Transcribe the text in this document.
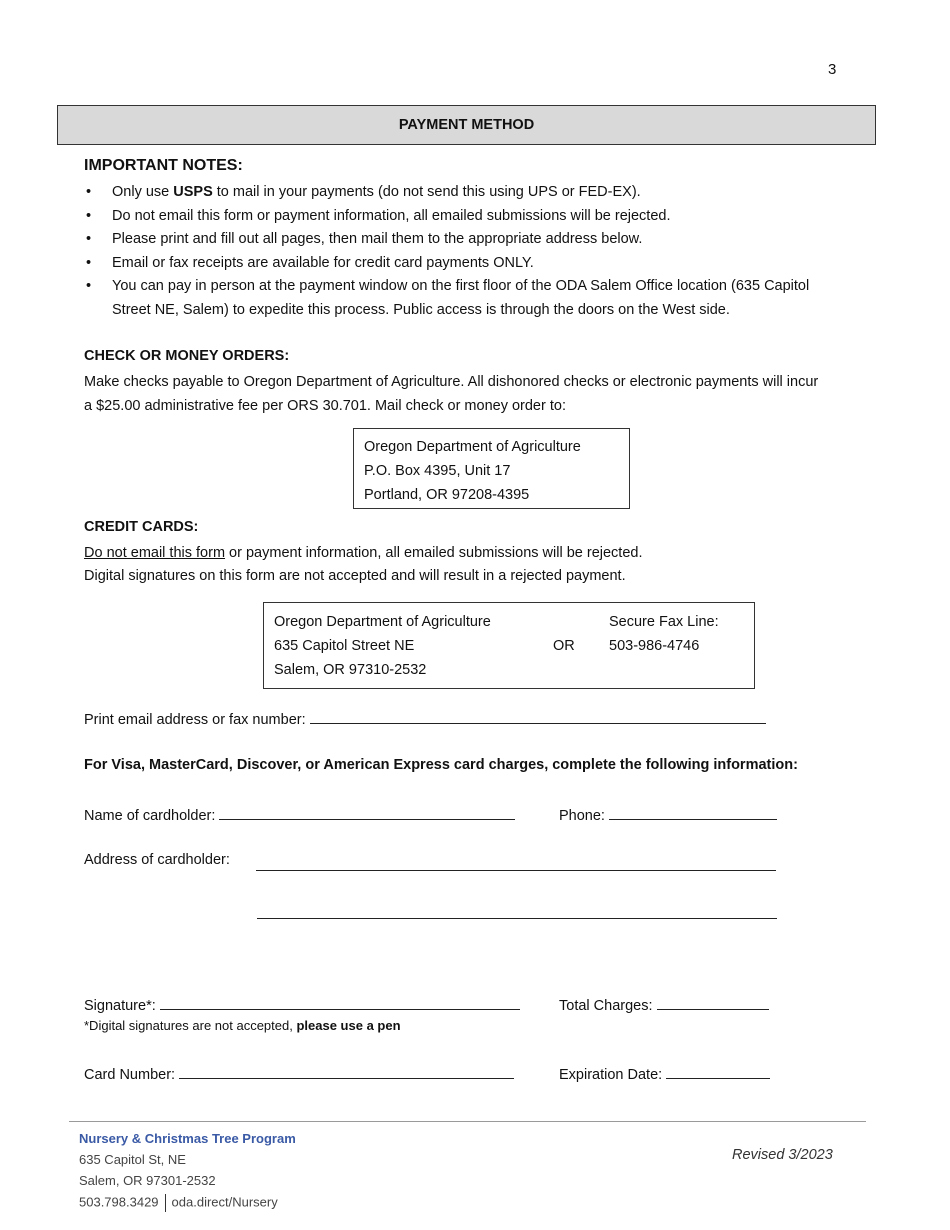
3
PAYMENT METHOD
IMPORTANT NOTES:
• Only use USPS to mail in your payments (do not send this using UPS or FED-EX).
• Do not email this form or payment information, all emailed submissions will be rejected.
• Please print and fill out all pages, then mail them to the appropriate address below.
• Email or fax receipts are available for credit card payments ONLY.
• You can pay in person at the payment window on the first floor of the ODA Salem Office location (635 Capitol Street NE, Salem) to expedite this process. Public access is through the doors on the West side.
CHECK OR MONEY ORDERS:
Make checks payable to Oregon Department of Agriculture. All dishonored checks or electronic payments will incur a $25.00 administrative fee per ORS 30.701. Mail check or money order to:
Oregon Department of Agriculture
P.O. Box 4395, Unit 17
Portland, OR 97208-4395
CREDIT CARDS:
Do not email this form or payment information, all emailed submissions will be rejected.
Digital signatures on this form are not accepted and will result in a rejected payment.
Oregon Department of Agriculture
635 Capitol Street NE
Salem, OR 97310-2532
OR
Secure Fax Line:
503-986-4746
Print email address or fax number:
For Visa, MasterCard, Discover, or American Express card charges, complete the following information:
Name of cardholder:	Phone:
Address of cardholder:
Signature*:	Total Charges:
*Digital signatures are not accepted, please use a pen
Card Number:	Expiration Date:
Nursery & Christmas Tree Program
635 Capitol St, NE
Salem, OR 97301-2532
503.798.3429 oda.direct/Nursery
Revised 3/2023
